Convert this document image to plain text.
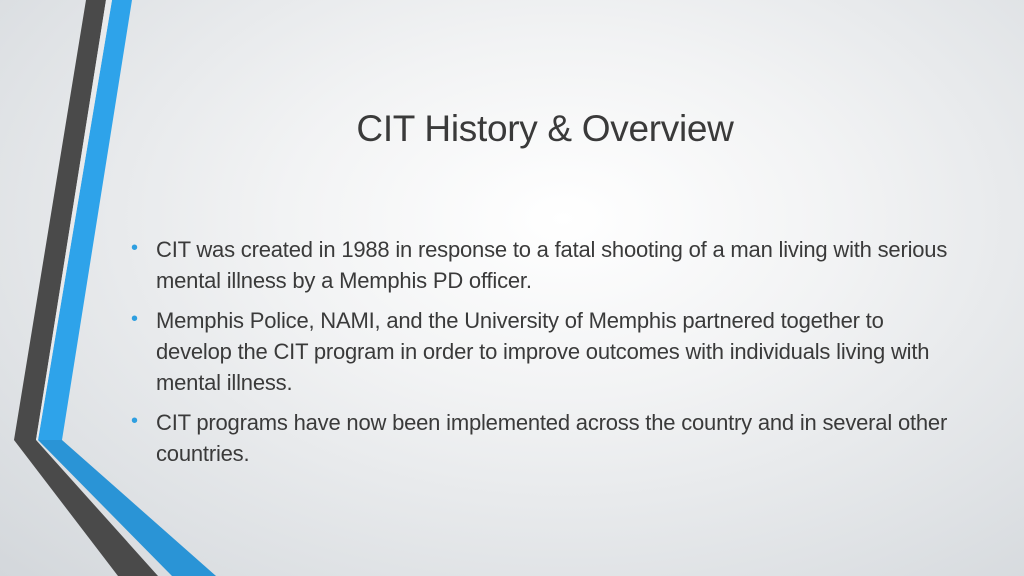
CIT History & Overview
• CIT was created in 1988 in response to a fatal shooting of a man living with serious mental illness by a Memphis PD officer.
• Memphis Police, NAMI, and the University of Memphis partnered together to develop the CIT program in order to improve outcomes with individuals living with mental illness.
• CIT programs have now been implemented across the country and in several other countries.
